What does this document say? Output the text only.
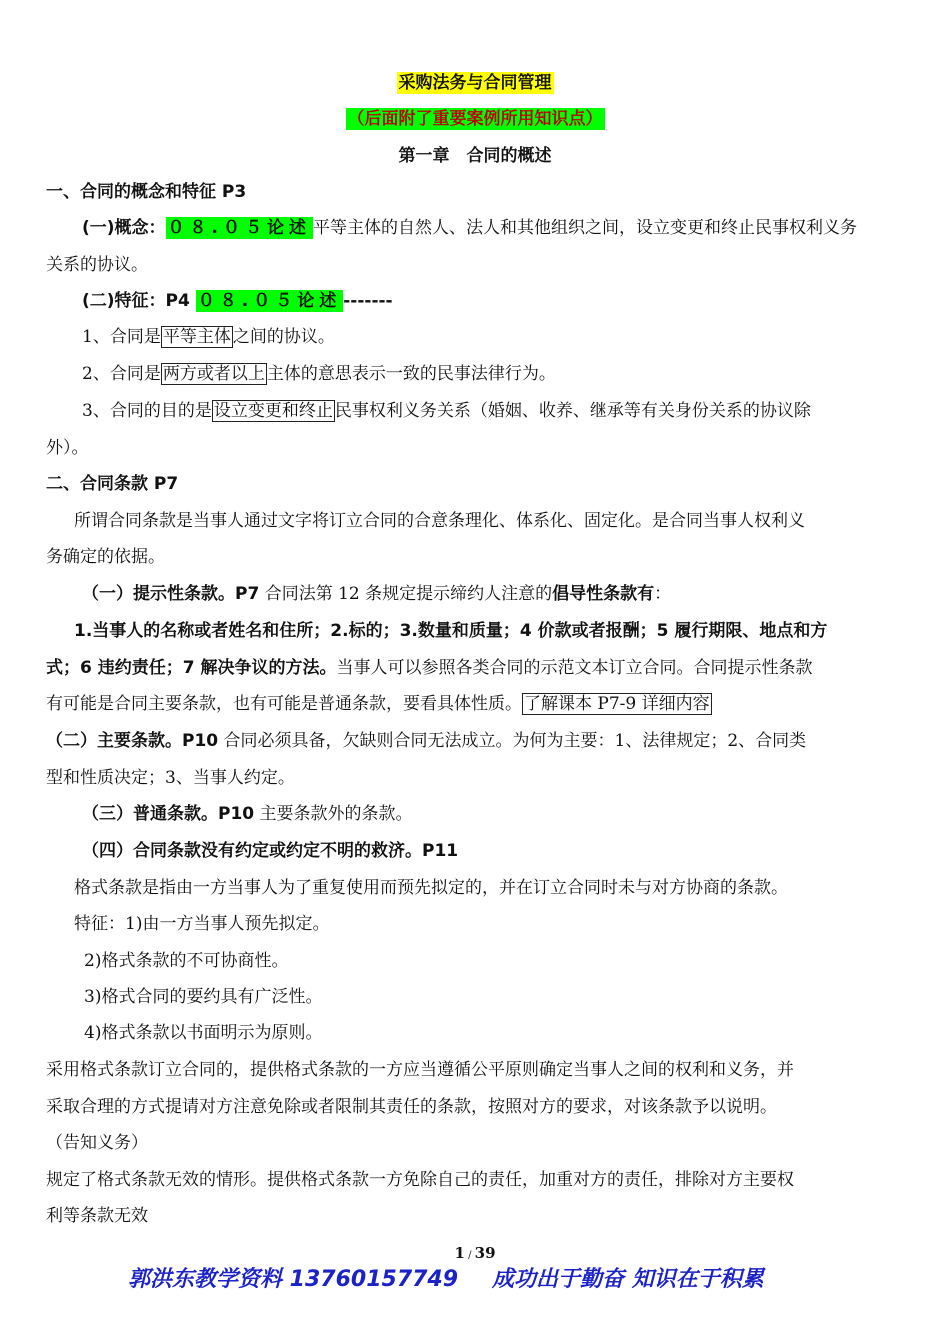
采购法务与合同管理
（后面附了重要案例所用知识点）
第一章　合同的概述
一、合同的概念和特征 P3
(一)概念： ０８.０５论述 平等主体的自然人、法人和其他组织之间，设立变更和终止民事权利义务
关系的协议。
(二)特征：P4 ０８.０５论述 -------
1、合同是 平等主体 之间的协议。
2、合同是 两方或者以上 主体的意思表示一致的民事法律行为。
3、合同的目的是 设立变更和终止 民事权利义务关系（婚姻、收养、继承等有关身份关系的协议除
外）。
二、合同条款 P7
所谓合同条款是当事人通过文字将订立合同的合意条理化、体系化、固定化。是合同当事人权利义
务确定的依据。
（一）提示性条款。P7 合同法第 12 条规定提示缔约人注意的倡导性条款有：
1.当事人的名称或者姓名和住所；2.标的；3.数量和质量；4 价款或者报酬；5 履行期限、地点和方
式；6 违约责任；7 解决争议的方法。当事人可以参照各类合同的示范文本订立合同。合同提示性条款
有可能是合同主要条款，也有可能是普通条款，要看具体性质。 了解课本 P7-9 详细内容
（二）主要条款。P10 合同必须具备，欠缺则合同无法成立。为何为主要：1、法律规定；2、合同类
型和性质决定；3、当事人约定。
（三）普通条款。P10 主要条款外的条款。
（四）合同条款没有约定或约定不明的救济。P11
格式条款是指由一方当事人为了重复使用而预先拟定的，并在订立合同时未与对方协商的条款。
特征：1)由一方当事人预先拟定。
2)格式条款的不可协商性。
3)格式合同的要约具有广泛性。
4)格式条款以书面明示为原则。
采用格式条款订立合同的，提供格式条款的一方应当遵循公平原则确定当事人之间的权利和义务，并
采取合理的方式提请对方注意免除或者限制其责任的条款，按照对方的要求，对该条款予以说明。
（告知义务）
规定了格式条款无效的情形。提供格式条款一方免除自己的责任，加重对方的责任，排除对方主要权
利等条款无效
1 / 39
郭洪东教学资料 13760157749 成功出于勤奋 知识在于积累
